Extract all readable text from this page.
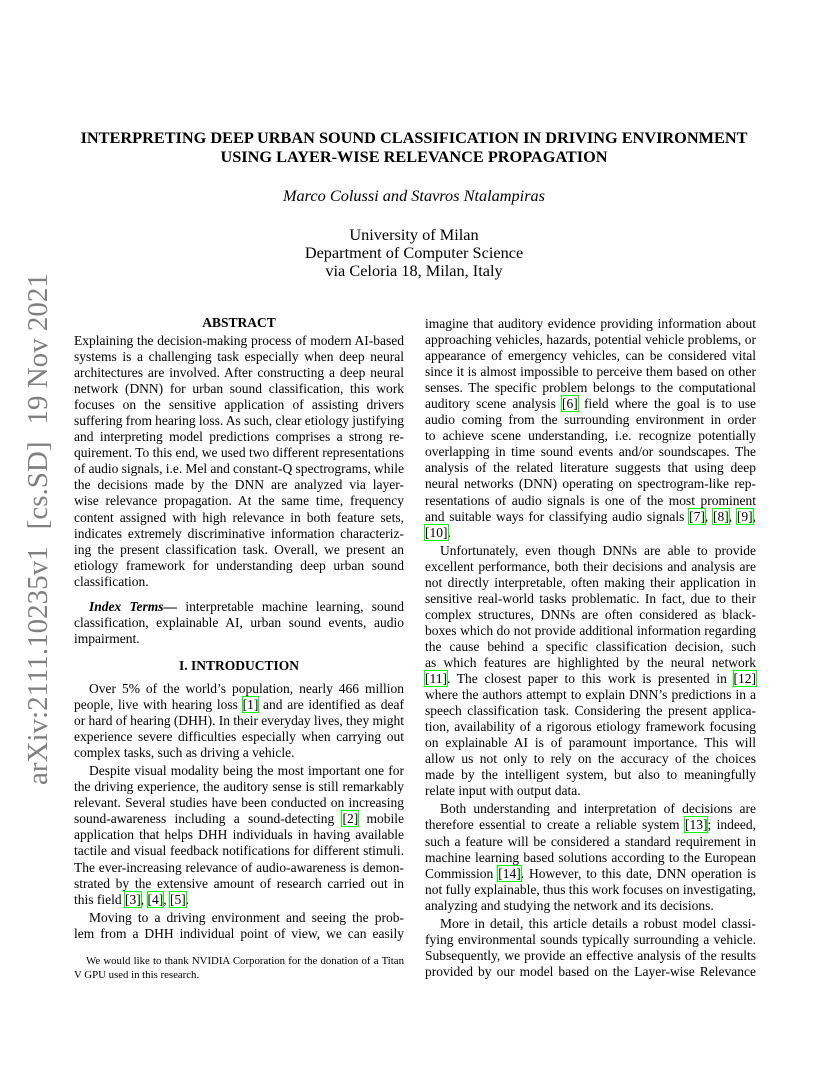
arXiv:2111.10235v1[cs.SD]19 Nov 2021
INTERPRETING DEEP URBAN SOUND CLASSIFICATION IN DRIVING ENVIRONMENT
USING LAYER-WISE RELEVANCE PROPAGATION
Marco Colussi and Stavros Ntalampiras
University of Milan
Department of Computer Science
via Celoria 18, Milan, Italy
ABSTRACT
Explaining the decision-making process of modern AI-based
systems is a challenging task especially when deep neural
architectures are involved. After constructing a deep neural
network (DNN) for urban sound classification, this work
focuses on the sensitive application of assisting drivers
suffering from hearing loss. As such, clear etiology justifying
and interpreting model predictions comprises a strong re-
quirement. To this end, we used two different representations
of audio signals, i.e. Mel and constant-Q spectrograms, while
the decisions made by the DNN are analyzed via layer-
wise relevance propagation. At the same time, frequency
content assigned with high relevance in both feature sets,
indicates extremely discriminative information characteriz-
ing the present classification task. Overall, we present an
etiology framework for understanding deep urban sound
classification.
Index Terms— interpretable machine learning, sound
classification, explainable AI, urban sound events, audio
impairment.
I. INTRODUCTION
Over 5% of the world’s population, nearly 466 million
people, live with hearing loss [1] and are identified as deaf
or hard of hearing (DHH). In their everyday lives, they might
experience severe difficulties especially when carrying out
complex tasks, such as driving a vehicle.
Despite visual modality being the most important one for
the driving experience, the auditory sense is still remarkably
relevant. Several studies have been conducted on increasing
sound-awareness including a sound-detecting [2] mobile
application that helps DHH individuals in having available
tactile and visual feedback notifications for different stimuli.
The ever-increasing relevance of audio-awareness is demon-
strated by the extensive amount of research carried out in
this field [3], [4], [5].
Moving to a driving environment and seeing the prob-
lem from a DHH individual point of view, we can easily
We would like to thank NVIDIA Corporation for the donation of a Titan
V GPU used in this research.
imagine that auditory evidence providing information about
approaching vehicles, hazards, potential vehicle problems, or
appearance of emergency vehicles, can be considered vital
since it is almost impossible to perceive them based on other
senses. The specific problem belongs to the computational
auditory scene analysis [6] field where the goal is to use
audio coming from the surrounding environment in order
to achieve scene understanding, i.e. recognize potentially
overlapping in time sound events and/or soundscapes. The
analysis of the related literature suggests that using deep
neural networks (DNN) operating on spectrogram-like rep-
resentations of audio signals is one of the most prominent
and suitable ways for classifying audio signals [7], [8], [9],
[10].
Unfortunately, even though DNNs are able to provide
excellent performance, both their decisions and analysis are
not directly interpretable, often making their application in
sensitive real-world tasks problematic. In fact, due to their
complex structures, DNNs are often considered as black-
boxes which do not provide additional information regarding
the cause behind a specific classification decision, such
as which features are highlighted by the neural network
[11]. The closest paper to this work is presented in [12]
where the authors attempt to explain DNN’s predictions in a
speech classification task. Considering the present applica-
tion, availability of a rigorous etiology framework focusing
on explainable AI is of paramount importance. This will
allow us not only to rely on the accuracy of the choices
made by the intelligent system, but also to meaningfully
relate input with output data.
Both understanding and interpretation of decisions are
therefore essential to create a reliable system [13]; indeed,
such a feature will be considered a standard requirement in
machine learning based solutions according to the European
Commission [14]. However, to this date, DNN operation is
not fully explainable, thus this work focuses on investigating,
analyzing and studying the network and its decisions.
More in detail, this article details a robust model classi-
fying environmental sounds typically surrounding a vehicle.
Subsequently, we provide an effective analysis of the results
provided by our model based on the Layer-wise Relevance
